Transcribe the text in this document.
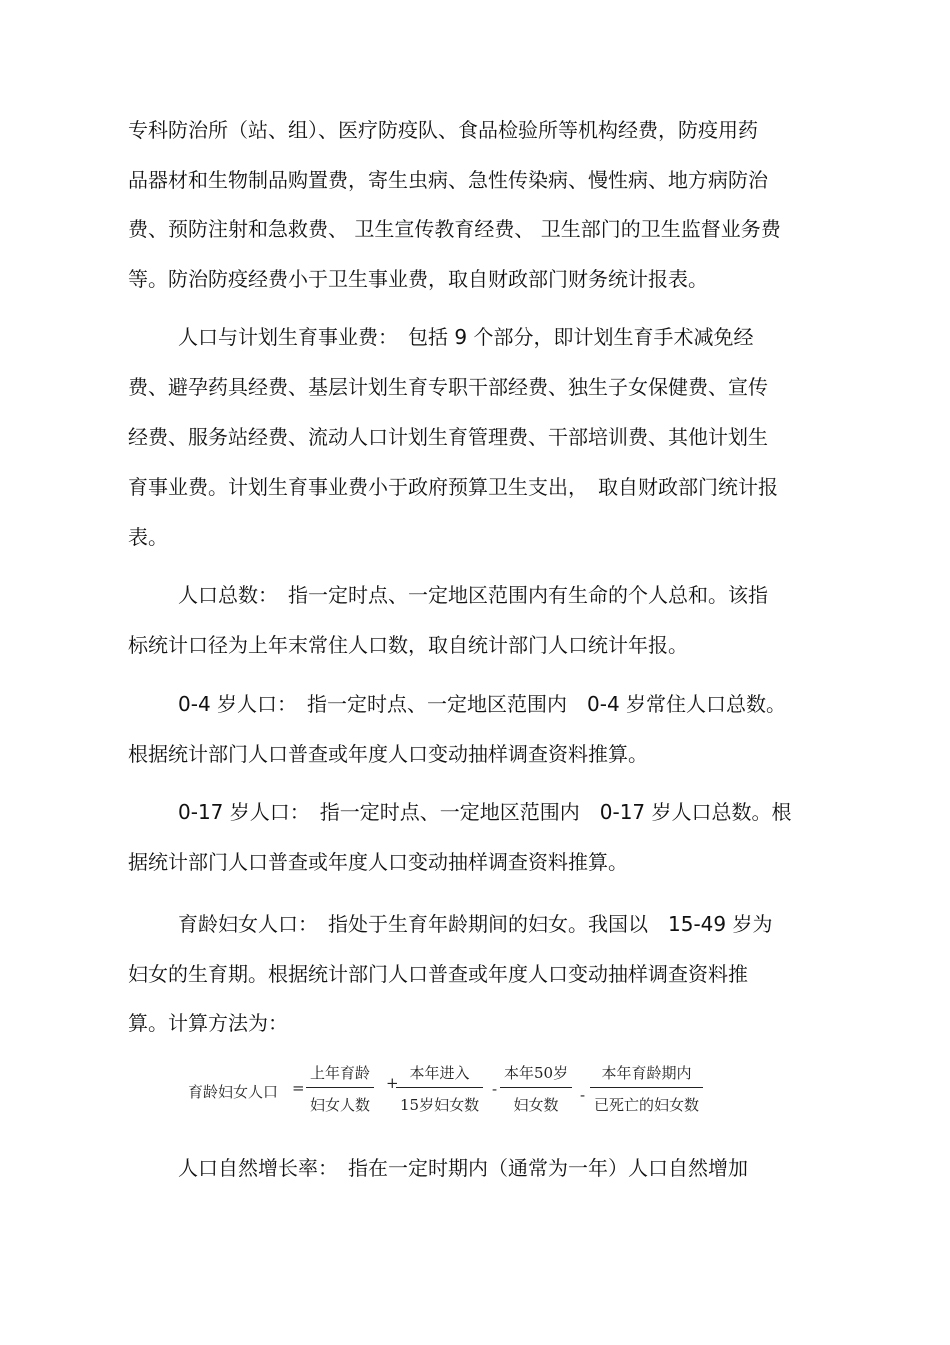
专科防治所（站、组）、医疗防疫队、食品检验所等机构经费，防疫用药
品器材和生物制品购置费，寄生虫病、急性传染病、慢性病、地方病防治
费、预防注射和急救费、 卫生宣传教育经费、 卫生部门的卫生监督业务费
等。防治防疫经费小于卫生事业费，取自财政部门财务统计报表。
人口与计划生育事业费：　包括 9 个部分，即计划生育手术减免经
费、避孕药具经费、基层计划生育专职干部经费、独生子女保健费、宣传
经费、服务站经费、流动人口计划生育管理费、干部培训费、其他计划生
育事业费。计划生育事业费小于政府预算卫生支出，　取自财政部门统计报
表。
人口总数：　指一定时点、一定地区范围内有生命的个人总和。该指
标统计口径为上年末常住人口数，取自统计部门人口统计年报。
0-4 岁人口：　指一定时点、一定地区范围内　0-4 岁常住人口总数。
根据统计部门人口普查或年度人口变动抽样调查资料推算。
0-17 岁人口：　指一定时点、一定地区范围内　0-17 岁人口总数。根
据统计部门人口普查或年度人口变动抽样调查资料推算。
育龄妇女人口：　指处于生育年龄期间的妇女。我国以　15-49 岁为
妇女的生育期。根据统计部门人口普查或年度人口变动抽样调查资料推
算。计算方法为：
育龄妇女人口 =
上年育龄
妇女人数
+
本年进入
15岁妇女数
-
本年50岁
妇女数
-
本年育龄期内
已死亡的妇女数
人口自然增长率：　指在一定时期内（通常为一年）人口自然增加
